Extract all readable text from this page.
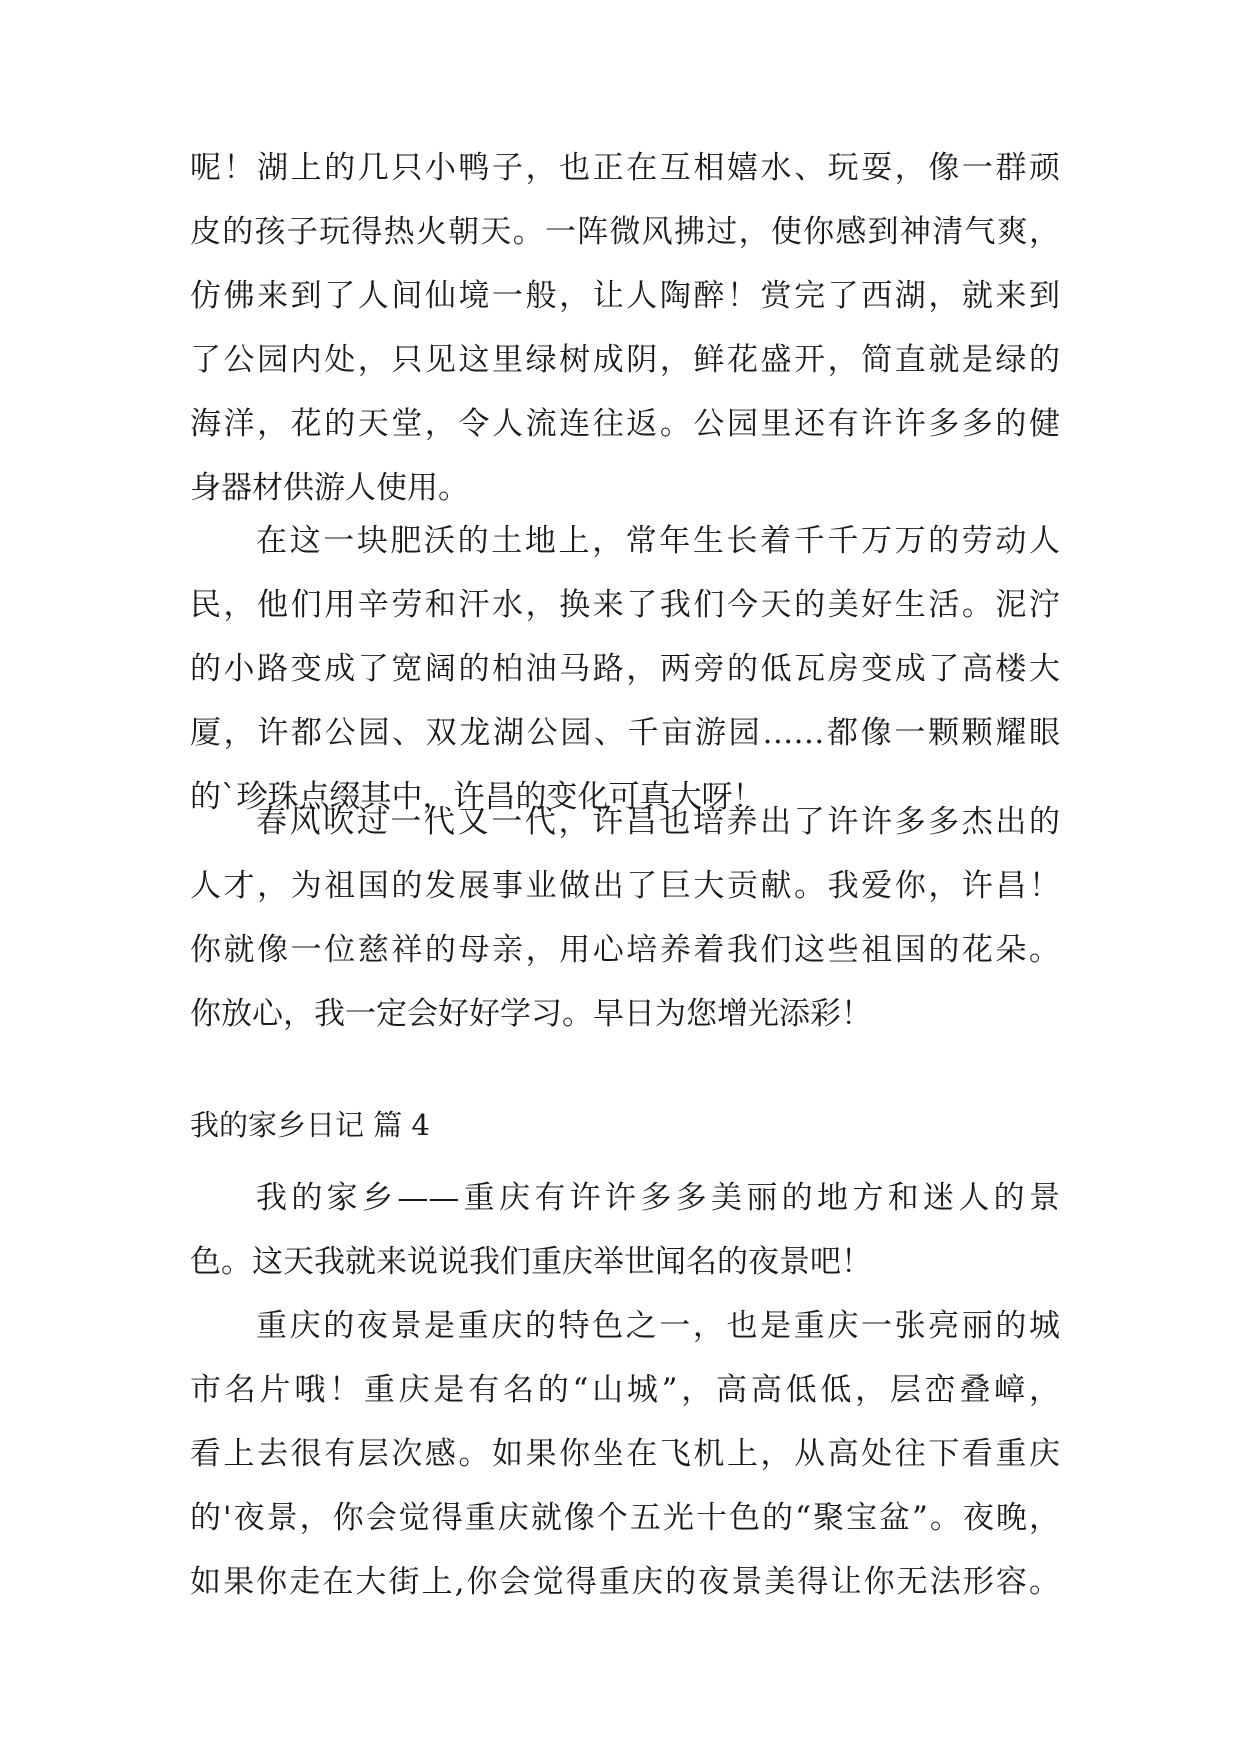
呢！湖上的几只小鸭子，也正在互相嬉水、玩耍，像一群顽
皮的孩子玩得热火朝天。一阵微风拂过，使你感到神清气爽，
仿佛来到了人间仙境一般，让人陶醉！赏完了西湖，就来到
了公园内处，只见这里绿树成阴，鲜花盛开，简直就是绿的
海洋，花的天堂，令人流连往返。公园里还有许许多多的健
身器材供游人使用。
在这一块肥沃的土地上，常年生长着千千万万的劳动人
民，他们用辛劳和汗水，换来了我们今天的美好生活。泥泞
的小路变成了宽阔的柏油马路，两旁的低瓦房变成了高楼大
厦，许都公园、双龙湖公园、千亩游园……都像一颗颗耀眼
的`珍珠点缀其中，许昌的变化可真大呀！
春风吹过一代又一代，许昌也培养出了许许多多杰出的
人才，为祖国的发展事业做出了巨大贡献。我爱你，许昌！
你就像一位慈祥的母亲，用心培养着我们这些祖国的花朵。
你放心，我一定会好好学习。早日为您增光添彩！
我的家乡日记 篇 4
我的家乡——重庆有许许多多美丽的地方和迷人的景
色。这天我就来说说我们重庆举世闻名的夜景吧！
重庆的夜景是重庆的特色之一，也是重庆一张亮丽的城
市名片哦！重庆是有名的“山城”，高高低低，层峦叠嶂，
看上去很有层次感。如果你坐在飞机上，从高处往下看重庆
的'夜景，你会觉得重庆就像个五光十色的“聚宝盆”。夜晚，
如果你走在大街上,你会觉得重庆的夜景美得让你无法形容。
